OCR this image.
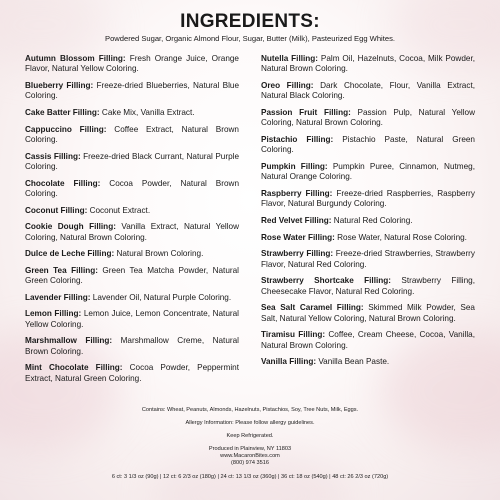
INGREDIENTS:
Powdered Sugar, Organic Almond Flour, Sugar, Butter (Milk), Pasteurized Egg Whites.
Autumn Blossom Filling: Fresh Orange Juice, Orange Flavor, Natural Yellow Coloring.
Blueberry Filling: Freeze-dried Blueberries, Natural Blue Coloring.
Cake Batter Filling: Cake Mix, Vanilla Extract.
Cappuccino Filling: Coffee Extract, Natural Brown Coloring.
Cassis Filling: Freeze-dried Black Currant, Natural Purple Coloring.
Chocolate Filling: Cocoa Powder, Natural Brown Coloring.
Coconut Filling: Coconut Extract.
Cookie Dough Filling: Vanilla Extract, Natural Yellow Coloring, Natural Brown Coloring.
Dulce de Leche Filling: Natural Brown Coloring.
Green Tea Filling: Green Tea Matcha Powder, Natural Green Coloring.
Lavender Filling: Lavender Oil, Natural Purple Coloring.
Lemon Filling: Lemon Juice, Lemon Concentrate, Natural Yellow Coloring.
Marshmallow Filling: Marshmallow Creme, Natural Brown Coloring.
Mint Chocolate Filling: Cocoa Powder, Peppermint Extract, Natural Green Coloring.
Nutella Filling: Palm Oil, Hazelnuts, Cocoa, Milk Powder, Natural Brown Coloring.
Oreo Filling: Dark Chocolate, Flour, Vanilla Extract, Natural Black Coloring.
Passion Fruit Filling: Passion Pulp, Natural Yellow Coloring, Natural Brown Coloring.
Pistachio Filling: Pistachio Paste, Natural Green Coloring.
Pumpkin Filling: Pumpkin Puree, Cinnamon, Nutmeg, Natural Orange Coloring.
Raspberry Filling: Freeze-dried Raspberries, Raspberry Flavor, Natural Burgundy Coloring.
Red Velvet Filling: Natural Red Coloring.
Rose Water Filling: Rose Water, Natural Rose Coloring.
Strawberry Filling: Freeze-dried Strawberries, Strawberry Flavor, Natural Red Coloring.
Strawberry Shortcake Filling: Strawberry Filling, Cheesecake Flavor, Natural Red Coloring.
Sea Salt Caramel Filling: Skimmed Milk Powder, Sea Salt, Natural Yellow Coloring, Natural Brown Coloring.
Tiramisu Filling: Coffee, Cream Cheese, Cocoa, Vanilla, Natural Brown Coloring.
Vanilla Filling: Vanilla Bean Paste.
Contains: Wheat, Peanuts, Almonds, Hazelnuts, Pistachios, Soy, Tree Nuts, Milk, Eggs.
Allergy Information: Please follow allergy guidelines.
Keep Refrigerated.
Produced in Plainview, NY 11803
www.MacaronBites.com
(800) 974 3516
6 ct: 3 1/3 oz (90g) | 12 ct: 6 2/3 oz (180g) | 24 ct: 13 1/3 oz (360g) | 36 ct: 18 oz (540g) | 48 ct: 26 2/3 oz (720g)
